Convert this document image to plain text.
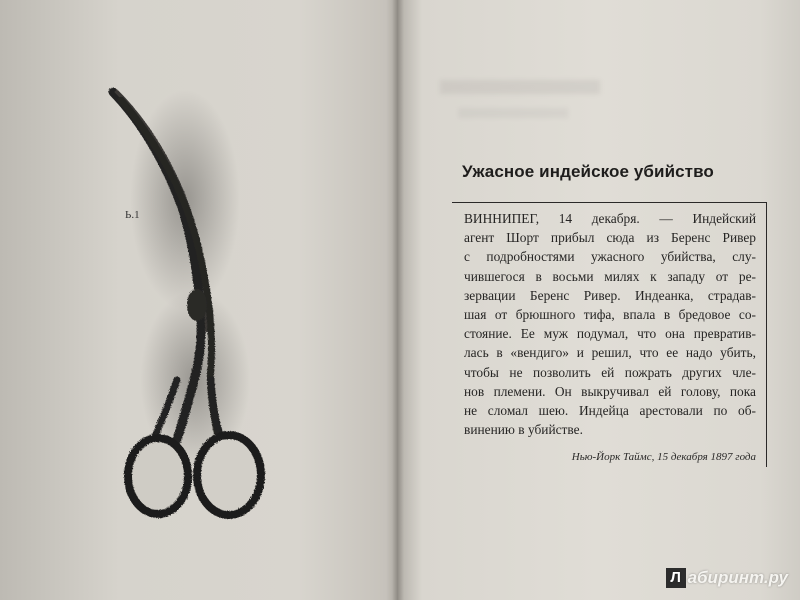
Ь.1
Ужасное индейское убийство

ВИННИПЕГ, 14 декабря. — Индейский
агент Шорт прибыл сюда из Беренс Ривер
с подробностями ужасного убийства, слу-
чившегося в восьми милях к западу от ре-
зервации Беренс Ривер. Индеанка, страдав-
шая от брюшного тифа, впала в бредовое со-
стояние. Ее муж подумал, что она превратив-
лась в «вендиго» и решил, что ее надо убить,
чтобы не позволить ей пожрать других чле-
нов племени. Он выкручивал ей голову, пока
не сломал шею. Индейца арестовали по об-
винению в убийстве.

Нью-Йорк Таймс, 15 декабря 1897 года

Л абиринт.ру
